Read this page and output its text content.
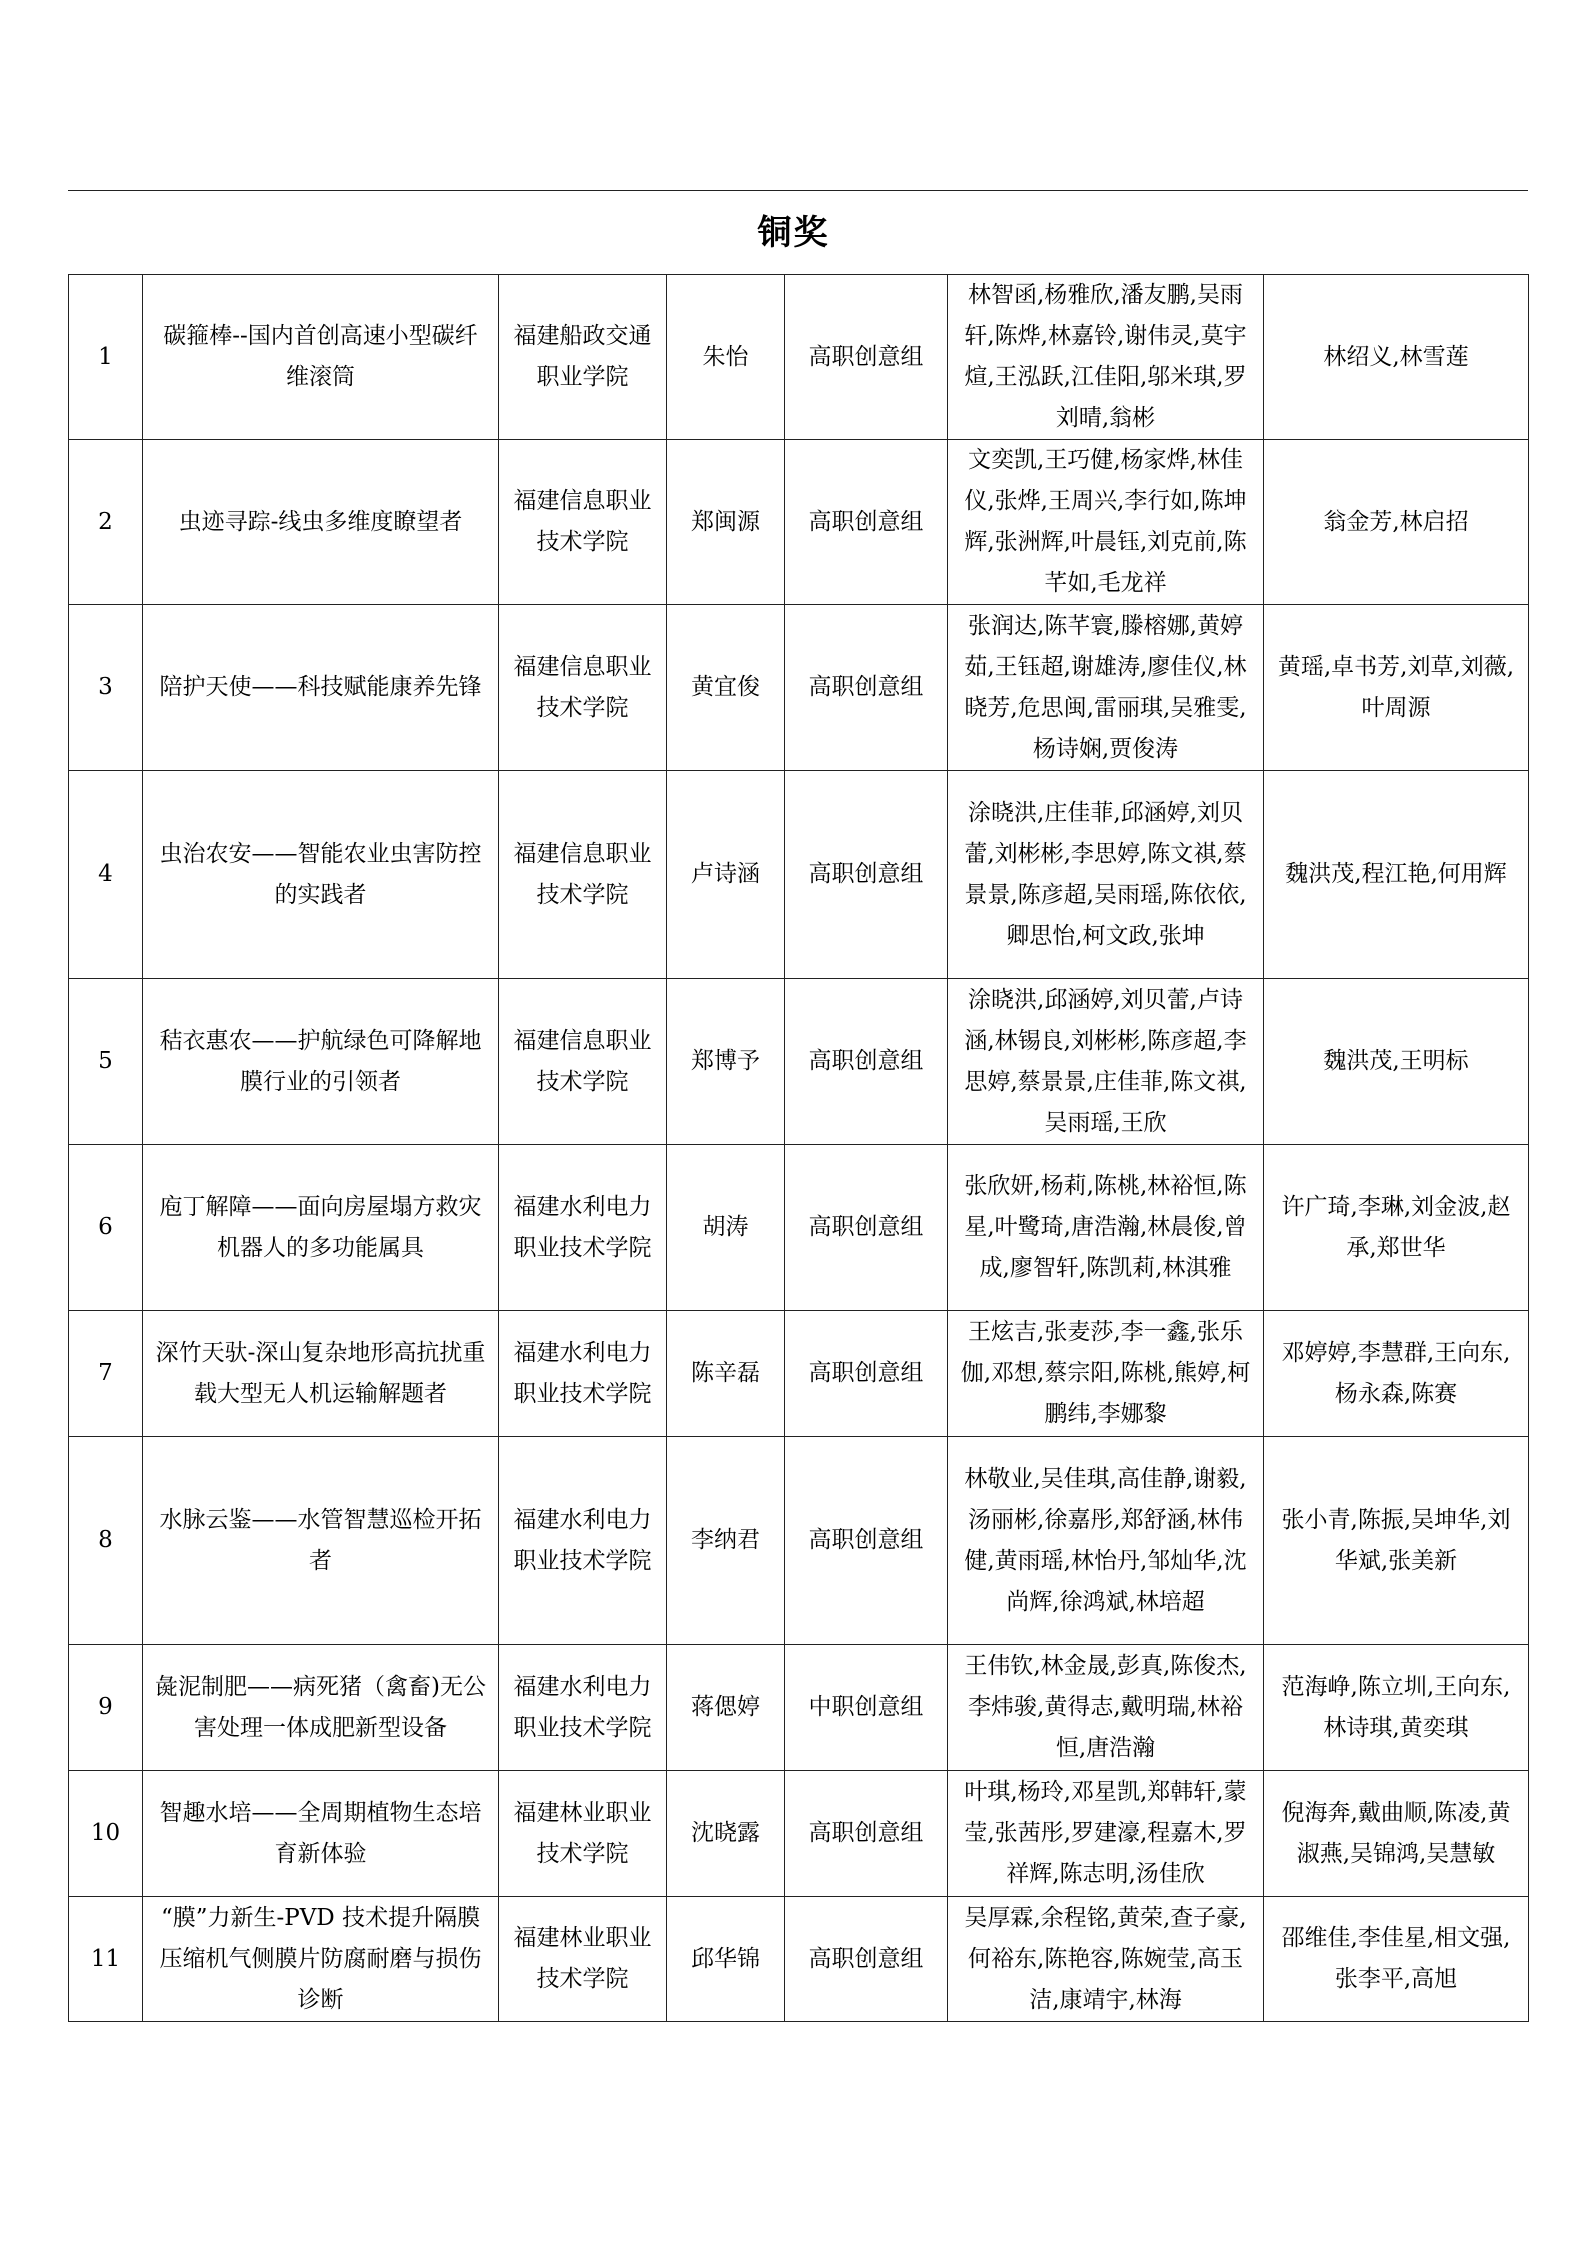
铜奖
1	碳箍棒--国内首创高速小型碳纤维滚筒	福建船政交通职业学院	朱怡	高职创意组	林智函,杨雅欣,潘友鹏,吴雨轩,陈烨,林嘉铃,谢伟灵,莫宇煊,王泓跃,江佳阳,邬米琪,罗刘晴,翁彬	林绍义,林雪莲
2	虫迹寻踪-线虫多维度瞭望者	福建信息职业技术学院	郑闽源	高职创意组	文奕凯,王巧健,杨家烨,林佳仪,张烨,王周兴,李行如,陈坤辉,张洲辉,叶晨钰,刘克前,陈芊如,毛龙祥	翁金芳,林启招
3	陪护天使——科技赋能康养先锋	福建信息职业技术学院	黄宜俊	高职创意组	张润达,陈芊寰,滕榕娜,黄婷茹,王钰超,谢雄涛,廖佳仪,林晓芳,危思闽,雷丽琪,吴雅雯,杨诗娴,贾俊涛	黄瑶,卓书芳,刘草,刘薇,叶周源
4	虫治农安——智能农业虫害防控的实践者	福建信息职业技术学院	卢诗涵	高职创意组	涂晓洪,庄佳菲,邱涵婷,刘贝蕾,刘彬彬,李思婷,陈文祺,蔡景景,陈彦超,吴雨瑶,陈依依,卿思怡,柯文政,张坤	魏洪茂,程江艳,何用辉
5	秸衣惠农——护航绿色可降解地膜行业的引领者	福建信息职业技术学院	郑博予	高职创意组	涂晓洪,邱涵婷,刘贝蕾,卢诗涵,林锡良,刘彬彬,陈彦超,李思婷,蔡景景,庄佳菲,陈文祺,吴雨瑶,王欣	魏洪茂,王明标
6	庖丁解障——面向房屋塌方救灾机器人的多功能属具	福建水利电力职业技术学院	胡涛	高职创意组	张欣妍,杨莉,陈桃,林裕恒,陈星,叶鹭琦,唐浩瀚,林晨俊,曾成,廖智轩,陈凯莉,林淇雅	许广琦,李琳,刘金波,赵承,郑世华
7	深竹天驮-深山复杂地形高抗扰重载大型无人机运输解题者	福建水利电力职业技术学院	陈辛磊	高职创意组	王炫吉,张麦莎,李一鑫,张乐伽,邓想,蔡宗阳,陈桃,熊婷,柯鹏纬,李娜黎	邓婷婷,李慧群,王向东,杨永森,陈赛
8	水脉云鉴——水管智慧巡检开拓者	福建水利电力职业技术学院	李纳君	高职创意组	林敬业,吴佳琪,高佳静,谢毅,汤丽彬,徐嘉彤,郑舒涵,林伟健,黄雨瑶,林怡丹,邹灿华,沈尚辉,徐鸿斌,林培超	张小青,陈振,吴坤华,刘华斌,张美新
9	彘泥制肥——病死猪（禽畜)无公害处理一体成肥新型设备	福建水利电力职业技术学院	蒋偲婷	中职创意组	王伟钦,林金晟,彭真,陈俊杰,李炜骏,黄得志,戴明瑞,林裕恒,唐浩瀚	范海峥,陈立圳,王向东,林诗琪,黄奕琪
10	智趣水培——全周期植物生态培育新体验	福建林业职业技术学院	沈晓露	高职创意组	叶琪,杨玲,邓星凯,郑韩轩,蒙莹,张茜彤,罗建濠,程嘉木,罗祥辉,陈志明,汤佳欣	倪海奔,戴曲顺,陈凌,黄淑燕,吴锦鸿,吴慧敏
11	“膜”力新生-PVD 技术提升隔膜压缩机气侧膜片防腐耐磨与损伤诊断	福建林业职业技术学院	邱华锦	高职创意组	吴厚霖,余程铭,黄荣,查子豪,何裕东,陈艳容,陈婉莹,高玉洁,康靖宇,林海	邵维佳,李佳星,相文强,张李平,高旭
